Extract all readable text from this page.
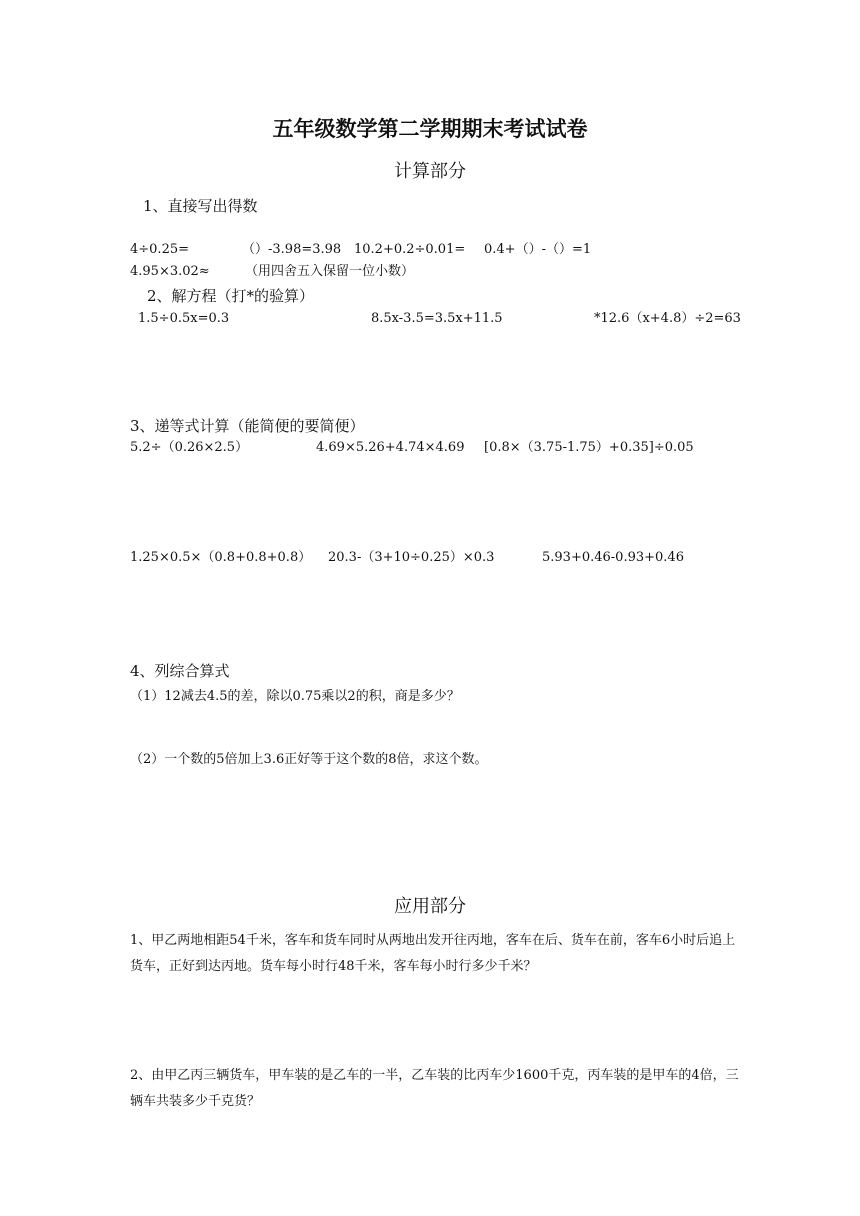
五年级数学第二学期期末考试试卷
计算部分
1、直接写出得数
4÷0.25=	（）-3.98=3.98 10.2+0.2÷0.01= 0.4+（）-（）=1
4.95×3.02≈	（用四舍五入保留一位小数）
2、解方程（打*的验算）
1.5÷0.5x=0.3	8.5x-3.5=3.5x+11.5	*12.6（x+4.8）÷2=63
3、递等式计算（能简便的要简便）
5.2÷（0.26×2.5）	4.69×5.26+4.74×4.69 [0.8×（3.75-1.75）+0.35]÷0.05
1.25×0.5×（0.8+0.8+0.8） 20.3-（3+10÷0.25）×0.3	5.93+0.46-0.93+0.46
4、列综合算式
（1）12减去4.5的差，除以0.75乘以2的积，商是多少？
（2）一个数的5倍加上3.6正好等于这个数的8倍，求这个数。
应用部分
1、甲乙两地相距54千米，客车和货车同时从两地出发开往丙地，客车在后、货车在前，客车6小时后追上货车，正好到达丙地。货车每小时行48千米，客车每小时行多少千米？
2、由甲乙丙三辆货车，甲车装的是乙车的一半，乙车装的比丙车少1600千克，丙车装的是甲车的4倍，三辆车共装多少千克货？
